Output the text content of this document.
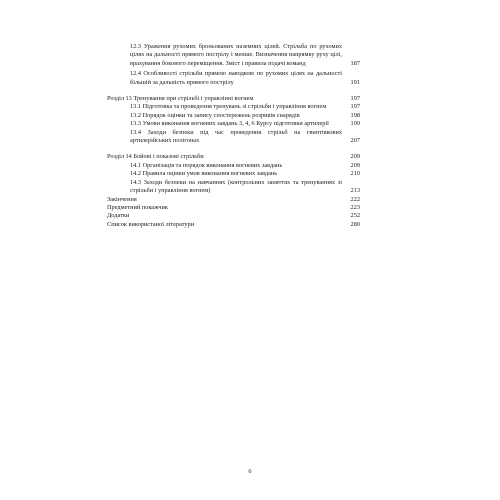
12.3 Ураження рухомих броньованих наземних цілей. Стрільба по рухомих цілях на дальності прямого пострілу і менше. Визначення напрямку руху цілі, врахування бокового переміщення. Зміст і правила подачі команд	187
12.4 Особливості стрільби прямою наводкою по рухомих цілях на дальності більшій за дальність прямого пострілу	191
Розділ 13 Тренування при стрільбі і управлінні вогнем	197
13.1 Підготовка та проведення тренувань зі стрільби і управління вогнем	197
13.2 Порядок оцінки та запису спостережень розривів снарядів	198
13.3 Умови виконання вогневих завдань 3, 4, 6 Курсу підготовки артилерії	199
13.4 Заходи безпеки під час проведення стрільб на гвинтівкових артилерійських полігонах	207
Розділ 14 Бойові і показові стрільби	209
14.1 Організація та порядок виконання вогневих завдань	209
14.2 Правила оцінки умов виконання вогневих завдань	210
14.3 Заходи безпеки на навчаннях (контрольних заняттях та тренуваннях зі стрільби і управління вогнем)	213
Закінчення	222
Предметний покажчик	223
Додатки	252
Список використаної літератури	280
6
